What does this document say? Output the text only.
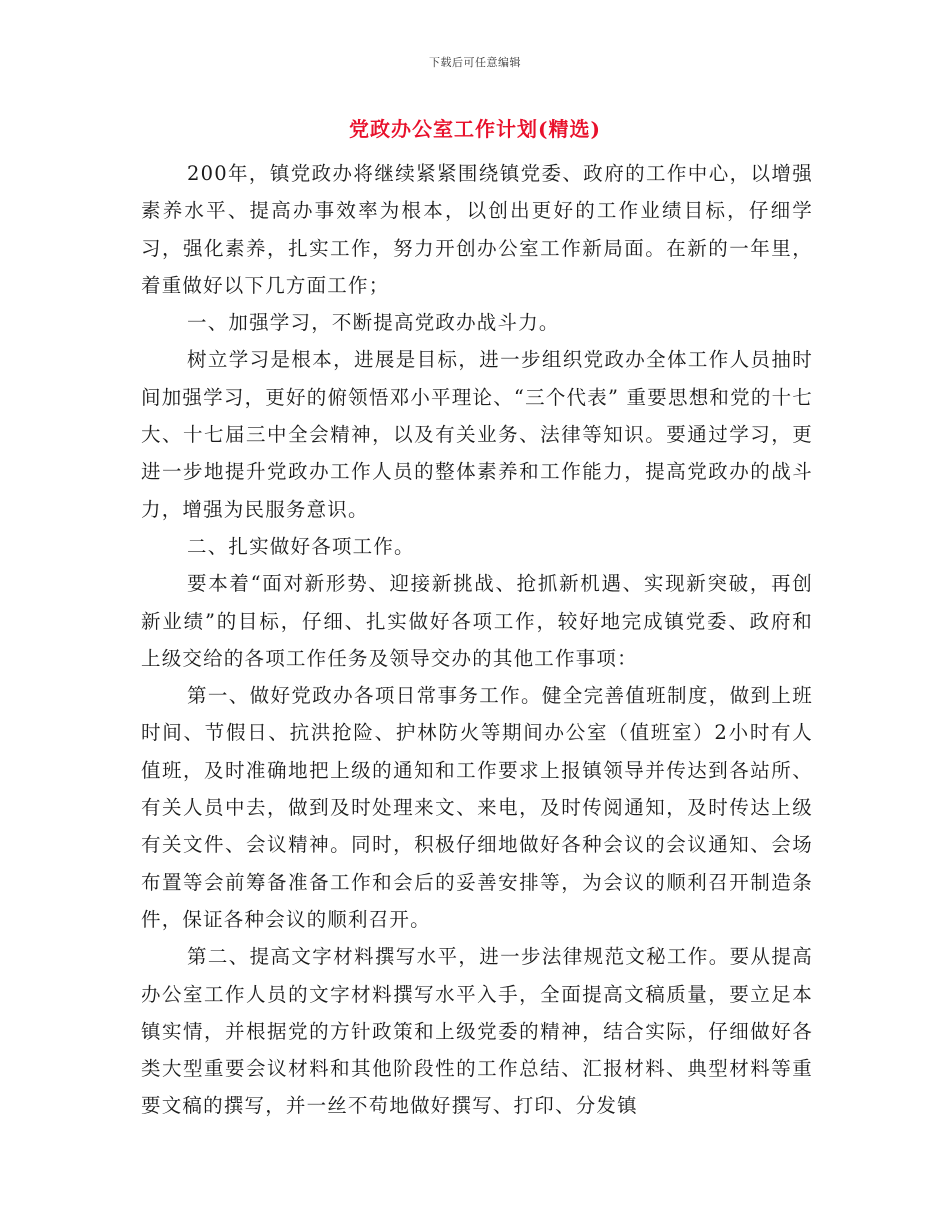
下载后可任意编辑
党政办公室工作计划(精选)

200年，镇党政办将继续紧紧围绕镇党委、政府的工作中心，以增强素养水平、提高办事效率为根本，以创出更好的工作业绩目标，仔细学习，强化素养，扎实工作，努力开创办公室工作新局面。在新的一年里，着重做好以下几方面工作；

一、加强学习，不断提高党政办战斗力。

树立学习是根本，进展是目标，进一步组织党政办全体工作人员抽时间加强学习，更好的俯领悟邓小平理论、“三个代表” 重要思想和党的十七大、十七届三中全会精神，以及有关业务、法律等知识。要通过学习，更进一步地提升党政办工作人员的整体素养和工作能力，提高党政办的战斗力，增强为民服务意识。

二、扎实做好各项工作。

要本着“面对新形势、迎接新挑战、抢抓新机遇、实现新突破，再创新业绩”的目标，仔细、扎实做好各项工作，较好地完成镇党委、政府和上级交给的各项工作任务及领导交办的其他工作事项：

第一、做好党政办各项日常事务工作。健全完善值班制度，做到上班时间、节假日、抗洪抢险、护林防火等期间办公室（值班室）2小时有人值班，及时准确地把上级的通知和工作要求上报镇领导并传达到各站所、有关人员中去，做到及时处理来文、来电，及时传阅通知，及时传达上级有关文件、会议精神。同时，积极仔细地做好各种会议的会议通知、会场布置等会前筹备准备工作和会后的妥善安排等，为会议的顺利召开制造条件，保证各种会议的顺利召开。

第二、提高文字材料撰写水平，进一步法律规范文秘工作。要从提高办公室工作人员的文字材料撰写水平入手，全面提高文稿质量，要立足本镇实情，并根据党的方针政策和上级党委的精神，结合实际，仔细做好各类大型重要会议材料和其他阶段性的工作总结、汇报材料、典型材料等重要文稿的撰写，并一丝不苟地做好撰写、打印、分发镇
